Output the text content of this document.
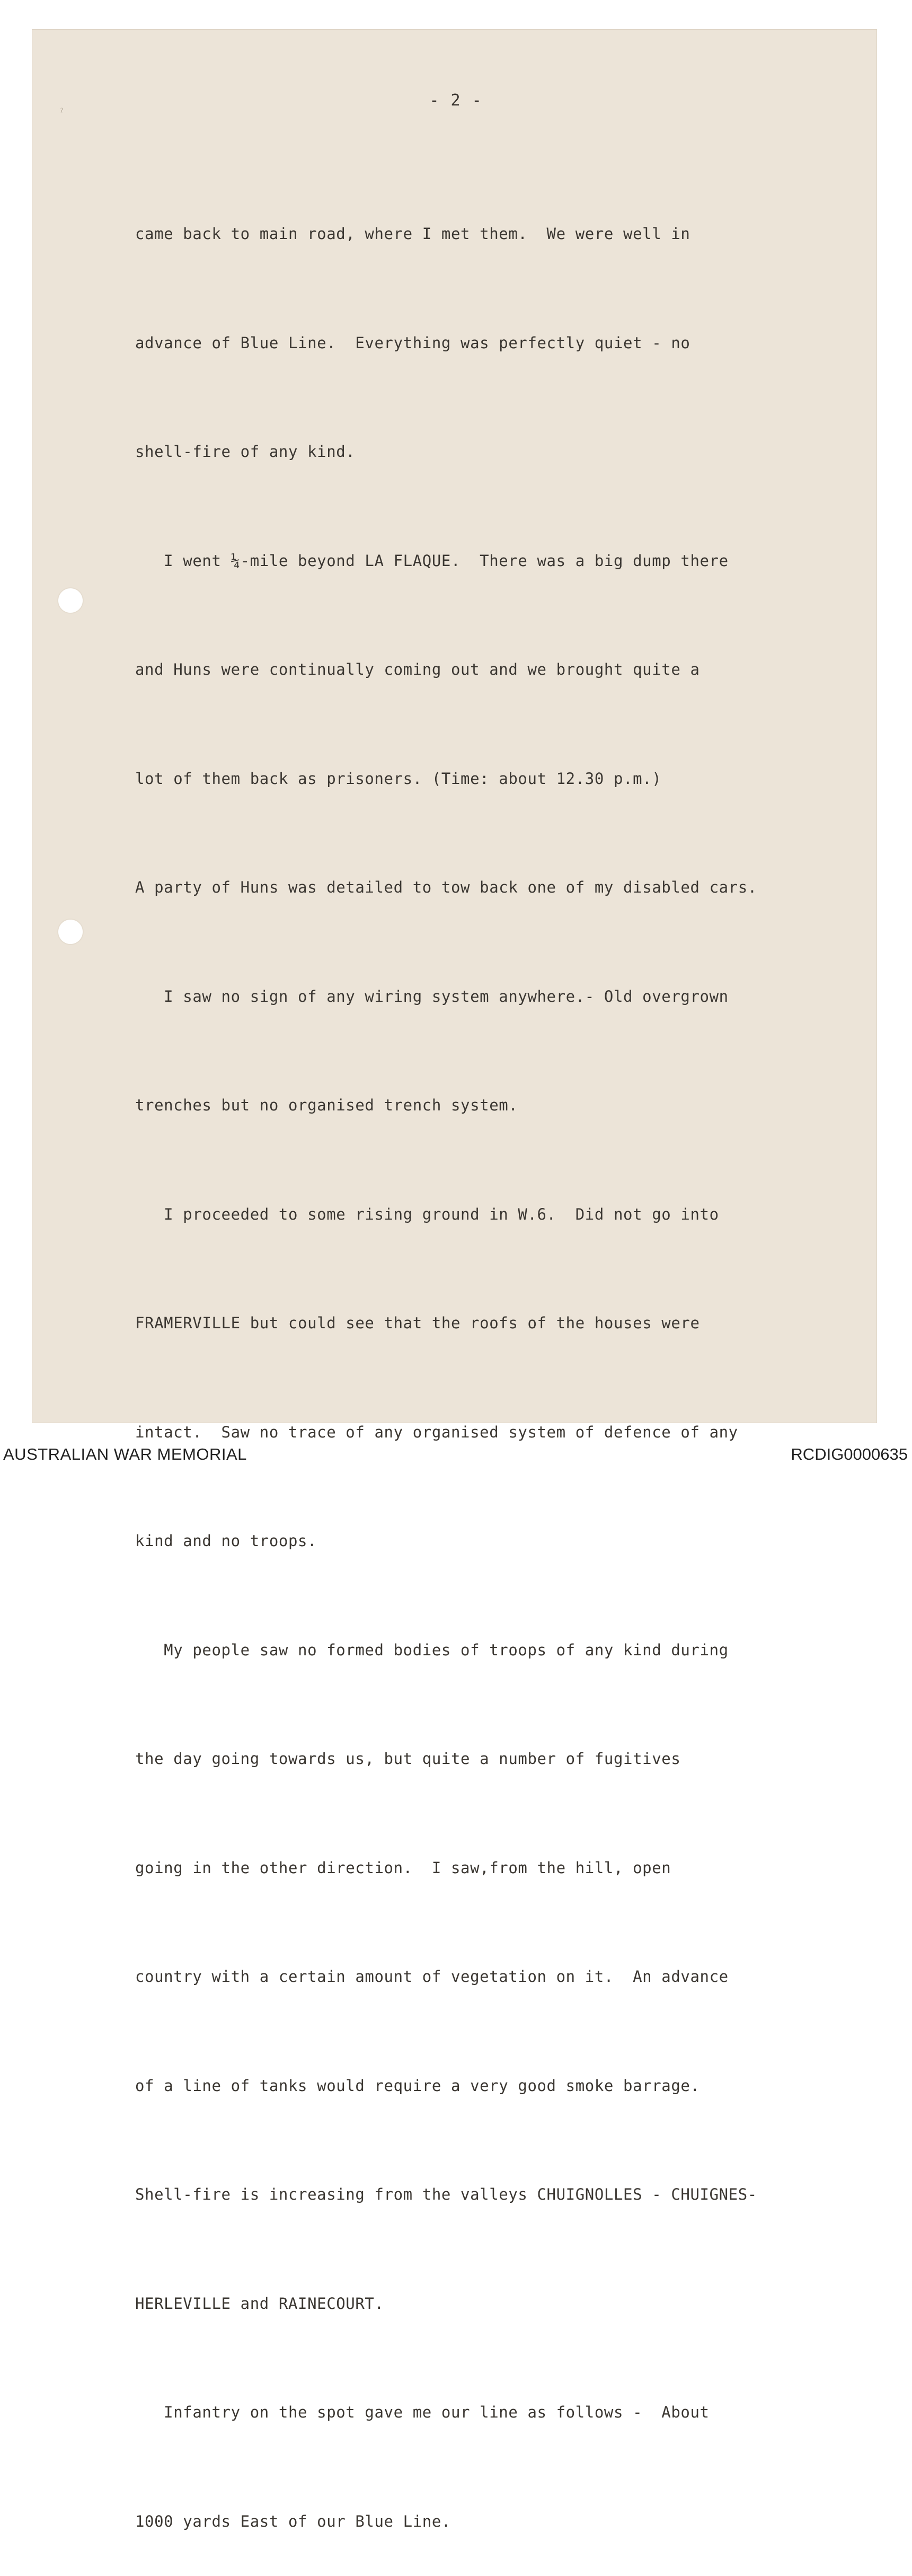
ˀ
- 2 -

came back to main road, where I met them.  We were well in

advance of Blue Line.  Everything was perfectly quiet - no

shell-fire of any kind.

I went ¼-mile beyond LA FLAQUE.  There was a big dump there

and Huns were continually coming out and we brought quite a

lot of them back as prisoners. (Time: about 12.30 p.m.)

A party of Huns was detailed to tow back one of my disabled cars.

I saw no sign of any wiring system anywhere.- Old overgrown

trenches but no organised trench system.

I proceeded to some rising ground in W.6.  Did not go into

FRAMERVILLE but could see that the roofs of the houses were

intact.  Saw no trace of any organised system of defence of any

kind and no troops.

My people saw no formed bodies of troops of any kind during

the day going towards us, but quite a number of fugitives

going in the other direction.  I saw,from the hill, open

country with a certain amount of vegetation on it.  An advance

of a line of tanks would require a very good smoke barrage.

Shell-fire is increasing from the valleys CHUIGNOLLES - CHUIGNES-

HERLEVILLE and RAINECOURT.

Infantry on the spot gave me our line as follows -  About

1000 yards East of our Blue Line.

AUSTRALIAN WAR MEMORIAL	RCDIG0000635
